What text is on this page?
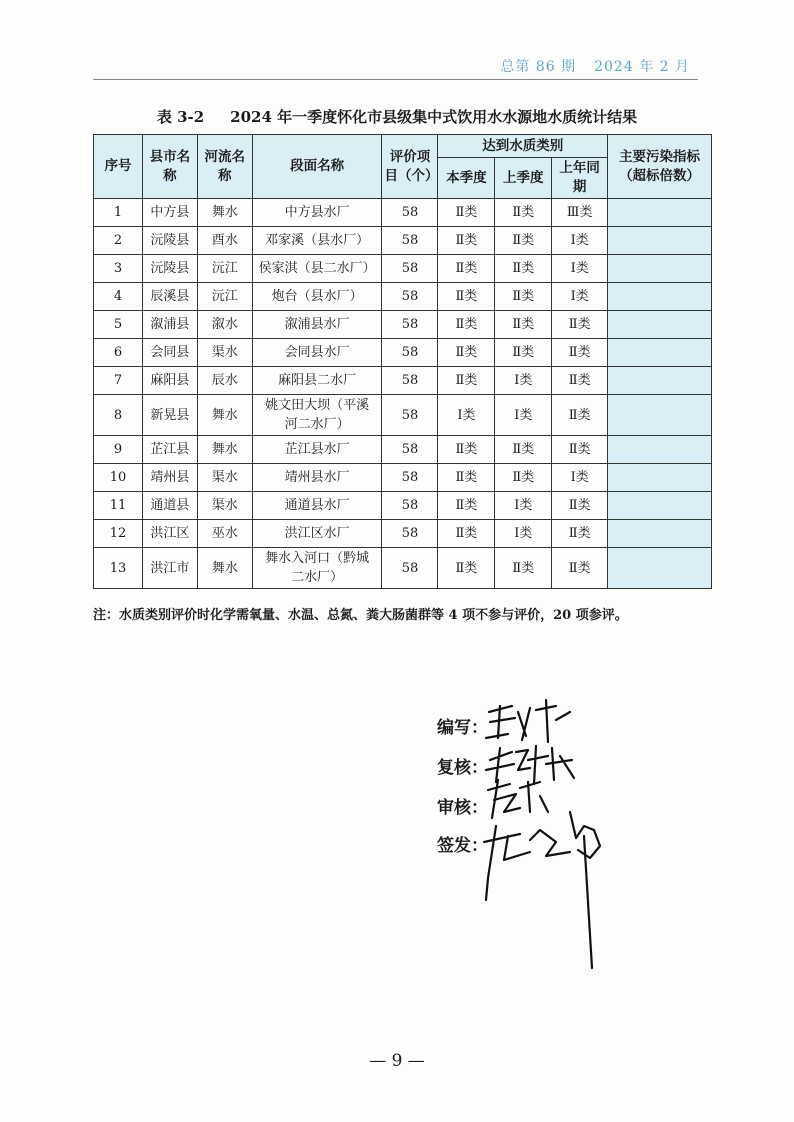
总第 86 期 2024 年 2 月
表 3-2 2024 年一季度怀化市县级集中式饮用水水源地水质统计结果
序号	县市名称	河流名称	段面名称	评价项目（个）	达到水质类别			主要污染指标（超标倍数）
					本季度	上季度	上年同期	
1	中方县	舞水	中方县水厂	58	Ⅱ类	Ⅱ类	Ⅲ类	
2	沅陵县	酉水	邓家溪（县水厂）	58	Ⅱ类	Ⅱ类	Ⅰ类	
3	沅陵县	沅江	侯家淇（县二水厂）	58	Ⅱ类	Ⅱ类	Ⅰ类	
4	辰溪县	沅江	炮台（县水厂）	58	Ⅱ类	Ⅱ类	Ⅰ类	
5	溆浦县	溆水	溆浦县水厂	58	Ⅱ类	Ⅱ类	Ⅱ类	
6	会同县	渠水	会同县水厂	58	Ⅱ类	Ⅱ类	Ⅱ类	
7	麻阳县	辰水	麻阳县二水厂	58	Ⅱ类	Ⅰ类	Ⅱ类	
8	新晃县	舞水	姚文田大坝（平溪河二水厂）	58	Ⅰ类	Ⅰ类	Ⅱ类	
9	芷江县	舞水	芷江县水厂	58	Ⅱ类	Ⅱ类	Ⅱ类	
10	靖州县	渠水	靖州县水厂	58	Ⅱ类	Ⅱ类	Ⅰ类	
11	通道县	渠水	通道县水厂	58	Ⅱ类	Ⅰ类	Ⅱ类	
12	洪江区	巫水	洪江区水厂	58	Ⅱ类	Ⅰ类	Ⅱ类	
13	洪江市	舞水	舞水入河口（黔城二水厂）	58	Ⅱ类	Ⅱ类	Ⅱ类	
注：水质类别评价时化学需氧量、水温、总氮、粪大肠菌群等 4 项不参与评价，20 项参评。
编写：
复核：
审核：
签发：
— 9 —
